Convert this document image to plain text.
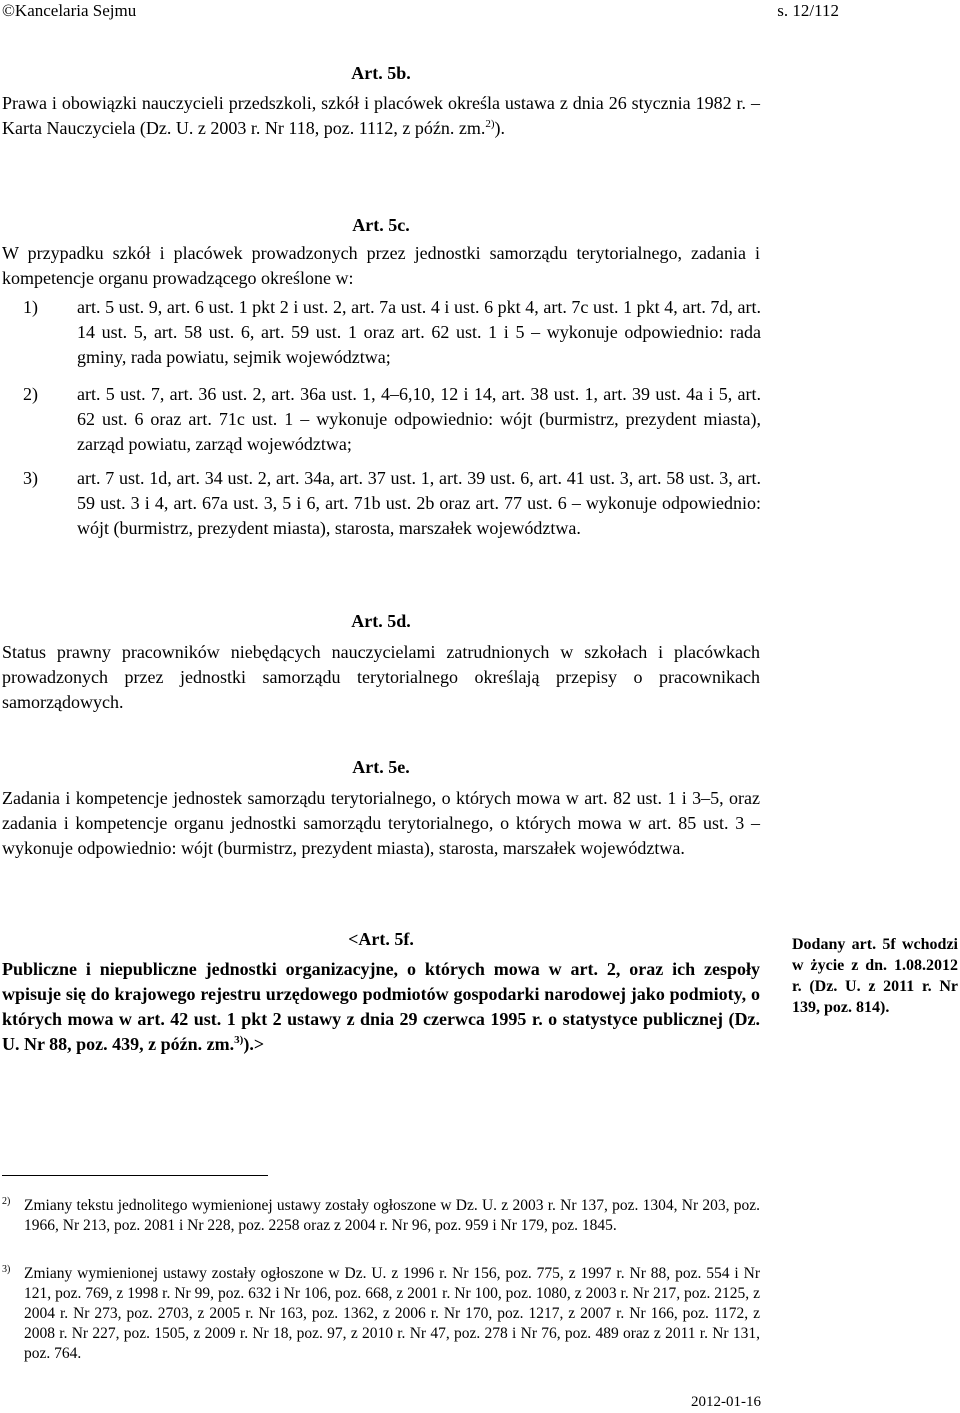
©Kancelaria Sejmu	s. 12/112
Art. 5b.
Prawa i obowiązki nauczycieli przedszkoli, szkół i placówek określa ustawa z dnia 26 stycznia 1982 r. – Karta Nauczyciela (Dz. U. z 2003 r. Nr 118, poz. 1112, z późn. zm.$^{2)}$).
Art. 5c.
W przypadku szkół i placówek prowadzonych przez jednostki samorządu terytorialnego, zadania i kompetencje organu prowadzącego określone w:
1) art. 5 ust. 9, art. 6 ust. 1 pkt 2 i ust. 2, art. 7a ust. 4 i ust. 6 pkt 4, art. 7c ust. 1 pkt 4, art. 7d, art. 14 ust. 5, art. 58 ust. 6, art. 59 ust. 1 oraz art. 62 ust. 1 i 5 – wykonuje odpowiednio: rada gminy, rada powiatu, sejmik województwa;
2) art. 5 ust. 7, art. 36 ust. 2, art. 36a ust. 1, 4–6,10, 12 i 14, art. 38 ust. 1, art. 39 ust. 4a i 5, art. 62 ust. 6 oraz art. 71c ust. 1 – wykonuje odpowiednio: wójt (burmistrz, prezydent miasta), zarząd powiatu, zarząd województwa;
3) art. 7 ust. 1d, art. 34 ust. 2, art. 34a, art. 37 ust. 1, art. 39 ust. 6, art. 41 ust. 3, art. 58 ust. 3, art. 59 ust. 3 i 4, art. 67a ust. 3, 5 i 6, art. 71b ust. 2b oraz art. 77 ust. 6 – wykonuje odpowiednio: wójt (burmistrz, prezydent miasta), starosta, marszałek województwa.
Art. 5d.
Status prawny pracowników niebędących nauczycielami zatrudnionych w szkołach i placówkach prowadzonych przez jednostki samorządu terytorialnego określają przepisy o pracownikach samorządowych.
Art. 5e.
Zadania i kompetencje jednostek samorządu terytorialnego, o których mowa w art. 82 ust. 1 i 3–5, oraz zadania i kompetencje organu jednostki samorządu terytorialnego, o których mowa w art. 85 ust. 3 – wykonuje odpowiednio: wójt (burmistrz, prezydent miasta), starosta, marszałek województwa.
<Art. 5f.
Publiczne i niepubliczne jednostki organizacyjne, o których mowa w art. 2, oraz ich zespoły wpisuje się do krajowego rejestru urzędowego podmiotów gospodarki narodowej jako podmioty, o których mowa w art. 42 ust. 1 pkt 2 ustawy z dnia 29 czerwca 1995 r. o statystyce publicznej (Dz. U. Nr 88, poz. 439, z późn. zm.$^{3)}$).>
Dodany art. 5f wchodzi w życie z dn. 1.08.2012 r. (Dz. U. z 2011 r. Nr 139, poz. 814).
2) Zmiany tekstu jednolitego wymienionej ustawy zostały ogłoszone w Dz. U. z 2003 r. Nr 137, poz. 1304, Nr 203, poz. 1966, Nr 213, poz. 2081 i Nr 228, poz. 2258 oraz z 2004 r. Nr 96, poz. 959 i Nr 179, poz. 1845.
3) Zmiany wymienionej ustawy zostały ogłoszone w Dz. U. z 1996 r. Nr 156, poz. 775, z 1997 r. Nr 88, poz. 554 i Nr 121, poz. 769, z 1998 r. Nr 99, poz. 632 i Nr 106, poz. 668, z 2001 r. Nr 100, poz. 1080, z 2003 r. Nr 217, poz. 2125, z 2004 r. Nr 273, poz. 2703, z 2005 r. Nr 163, poz. 1362, z 2006 r. Nr 170, poz. 1217, z 2007 r. Nr 166, poz. 1172, z 2008 r. Nr 227, poz. 1505, z 2009 r. Nr 18, poz. 97, z 2010 r. Nr 47, poz. 278 i Nr 76, poz. 489 oraz z 2011 r. Nr 131, poz. 764.
2012-01-16
